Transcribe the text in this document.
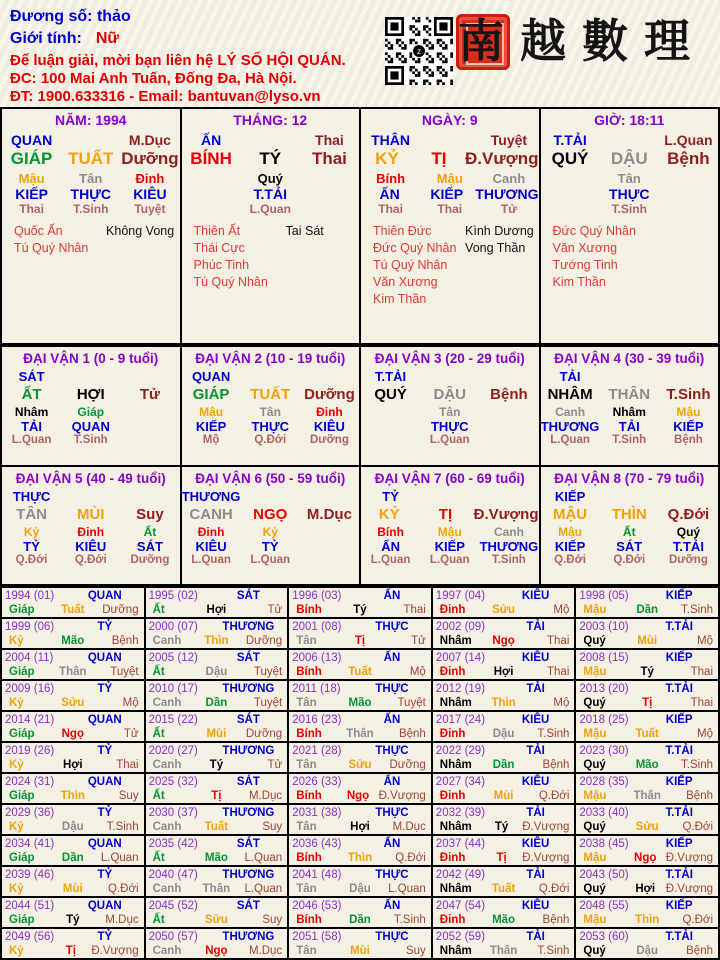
Đương số: thảo
Giới tính: Nữ
Để luận giải, mời bạn liên hệ LÝ SỐ HỘI QUÁN.
ĐC: 100 Mai Anh Tuấn, Đống Đa, Hà Nội.
ĐT: 1900.633316 - Email: bantuvan@lyso.vn
z 南越數理
NĂM: 1994
QUAN	M.Dục
GIÁP TUẤT Dưỡng
Mậu	Tân	Đinh
KIẾP	THỰC	KIÊU
Thai	T.Sinh	Tuyệt
Quốc Ấn
Tú Quý Nhân
Không Vong
THÁNG: 12
ẤN	Thai
BÍNH	TÝ	Thai
Quý
T.TẢI
L.Quan
Thiên Ất
Thái Cực
Phúc Tinh
Tú Quý Nhân
Tai Sát
NGÀY: 9
THÂN	Tuyệt
KỶ	TỊ	Đ.Vượng
Bính	Mậu	Canh
ẤN	KIẾP THƯƠNG
Thai	Thai	Tử
Thiên Đức
Đức Quý Nhân
Tú Quý Nhân
Văn Xương
Kim Thần
Kình Dương
Vong Thần
GIỜ: 18:11
T.TẢI	L.Quan
QUÝ	DẬU	Bệnh
Tân
THỰC
T.Sinh
Đức Quý Nhân
Văn Xương
Tướng Tinh
Kim Thần
ĐẠI VẬN 1 (0 - 9 tuổi)
SÁT
ẤT	HỢI	Tử
Nhâm	Giáp
TẢI	QUAN
L.Quan	T.Sinh
ĐẠI VẬN 2 (10 - 19 tuổi)
QUAN
GIÁP	TUẤT Dưỡng
Mậu	Tân	Đinh
KIẾP	THỰC	KIÊU
Mộ	Q.Đới	Dưỡng
ĐẠI VẬN 3 (20 - 29 tuổi)
T.TẢI
QUÝ	DẬU	Bệnh
Tân
THỰC
L.Quan
ĐẠI VẬN 4 (30 - 39 tuổi)
TẢI
NHÂM	THÂN	T.Sinh
Canh	Nhâm	Mậu
THƯƠNG	TẢI	KIẾP
L.Quan	T.Sinh	Bệnh
ĐẠI VẬN 5 (40 - 49 tuổi)
THỰC
TÂN	MÙI	Suy
Kỷ	Đinh	Ất
TỶ	KIÊU	SÁT
Q.Đới	Q.Đới	Dưỡng
ĐẠI VẬN 6 (50 - 59 tuổi)
THƯƠNG
CANH	NGỌ	M.Dục
Đinh	Kỷ
KIÊU	TỶ
L.Quan	L.Quan
ĐẠI VẬN 7 (60 - 69 tuổi)
TỶ
KỶ	TỊ	Đ.Vượng
Bính	Mậu	Canh
ẤN	KIẾP	THƯƠNG
L.Quan	L.Quan	T.Sinh
ĐẠI VẬN 8 (70 - 79 tuổi)
KIẾP
MẬU	THÌN	Q.Đới
Mậu	Ất	Quý
KIẾP	SÁT	T.TẢI
Q.Đới	Q.Đới	Dưỡng
1994 (01)	QUAN
Giáp	Tuất	Dưỡng
1995 (02)	SÁT
Ất	Hợi	Tử
1996 (03)	ẤN
Bính	Tý	Thai
1997 (04)	KIÊU
Đinh	Sửu	Mộ
1998 (05)	KIẾP
Mậu	Dần	T.Sinh
1999 (06)	TỶ
Kỷ	Mão	Bệnh
2000 (07)	THƯƠNG
Canh	Thìn	Dưỡng
2001 (08)	THỰC
Tân	Tị	Tử
2002 (09)	TẢI
Nhâm	Ngọ	Thai
2003 (10)	T.TẢI
Quý	Mùi	Mộ
2004 (11)	QUAN
Giáp	Thân	Tuyệt
2005 (12)	SÁT
Ất	Dậu	Tuyệt
2006 (13)	ẤN
Bính	Tuất	Mộ
2007 (14)	KIÊU
Đinh	Hợi	Thai
2008 (15)	KIẾP
Mậu	Tý	Thai
2009 (16)	TỶ
Kỷ	Sửu	Mộ
2010 (17)	THƯƠNG
Canh	Dần	Tuyệt
2011 (18)	THỰC
Tân	Mão	Tuyệt
2012 (19)	TẢI
Nhâm	Thìn	Mộ
2013 (20)	T.TẢI
Quý	Tị	Thai
2014 (21)	QUAN
Giáp	Ngọ	Tử
2015 (22)	SÁT
Ất	Mùi	Dưỡng
2016 (23)	ẤN
Bính	Thân	Bệnh
2017 (24)	KIÊU
Đinh	Dậu	T.Sinh
2018 (25)	KIẾP
Mậu	Tuất	Mộ
2019 (26)	TỶ
Kỷ	Hợi	Thai
2020 (27)	THƯƠNG
Canh	Tý	Tử
2021 (28)	THỰC
Tân	Sửu	Dưỡng
2022 (29)	TẢI
Nhâm	Dần	Bệnh
2023 (30)	T.TẢI
Quý	Mão	T.Sinh
2024 (31)	QUAN
Giáp	Thìn	Suy
2025 (32)	SÁT
Ất	Tị	M.Dục
2026 (33)	ẤN
Bính	Ngọ Đ.Vượng
2027 (34)	KIÊU
Đinh	Mùi	Q.Đới
2028 (35)	KIẾP
Mậu	Thân	Bệnh
2029 (36)	TỶ
Kỷ	Dậu	T.Sinh
2030 (37)	THƯƠNG
Canh	Tuất	Suy
2031 (38)	THỰC
Tân	Hợi	M.Dục
2032 (39)	TẢI
Nhâm	Tý	Đ.Vượng
2033 (40)	T.TẢI
Quý	Sửu	Q.Đới
2034 (41)	QUAN
Giáp	Dần	L.Quan
2035 (42)	SÁT
Ất	Mão	L.Quan
2036 (43)	ẤN
Bính	Thìn	Q.Đới
2037 (44)	KIÊU
Đinh	Tị	Đ.Vượng
2038 (45)	KIẾP
Mậu	Ngọ Đ.Vượng
2039 (46)	TỶ
Kỷ	Mùi	Q.Đới
2040 (47)	THƯƠNG
Canh	Thân	L.Quan
2041 (48)	THỰC
Tân	Dậu	L.Quan
2042 (49)	TẢI
Nhâm	Tuất	Q.Đới
2043 (50)	T.TẢI
Quý	Hợi Đ.Vượng
2044 (51)	QUAN
Giáp	Tý	M.Dục
2045 (52)	SÁT
Ất	Sửu	Suy
2046 (53)	ẤN
Bính	Dần	T.Sinh
2047 (54)	KIÊU
Đinh	Mão	Bệnh
2048 (55)	KIẾP
Mậu	Thìn	Q.Đới
2049 (56)	TỶ
Kỷ	Tị	Đ.Vượng
2050 (57)	THƯƠNG
Canh	Ngọ	M.Dục
2051 (58)	THỰC
Tân	Mùi	Suy
2052 (59)	TẢI
Nhâm	Thân	T.Sinh
2053 (60)	T.TẢI
Quý	Dậu	Bệnh
